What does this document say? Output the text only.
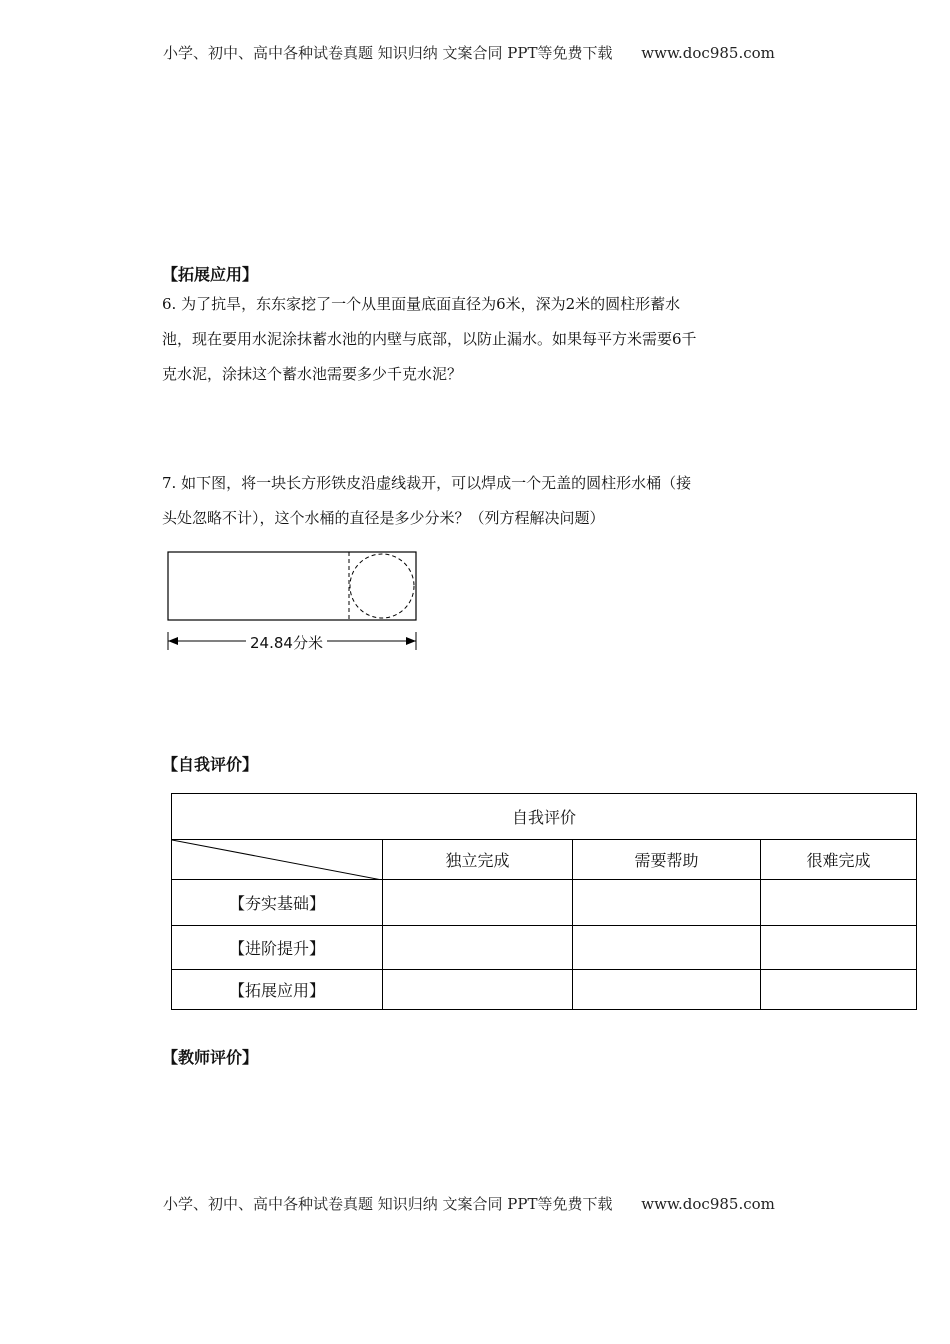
小学、初中、高中各种试卷真题 知识归纳 文案合同 PPT等免费下载 www.doc985.com
【拓展应用】

6. 为了抗旱，东东家挖了一个从里面量底面直径为6米，深为2米的圆柱形蓄水

池，现在要用水泥涂抹蓄水池的内壁与底部，以防止漏水。如果每平方米需要6千

克水泥，涂抹这个蓄水池需要多少千克水泥？

7. 如下图，将一块长方形铁皮沿虚线裁开，可以焊成一个无盖的圆柱形水桶（接

头处忽略不计），这个水桶的直径是多少分米？（列方程解决问题）

24.84分米
【自我评价】
自我评价			

	独立完成	需要帮助	很难完成
【夯实基础】			
【进阶提升】			
【拓展应用】			
【教师评价】
小学、初中、高中各种试卷真题 知识归纳 文案合同 PPT等免费下载 www.doc985.com
